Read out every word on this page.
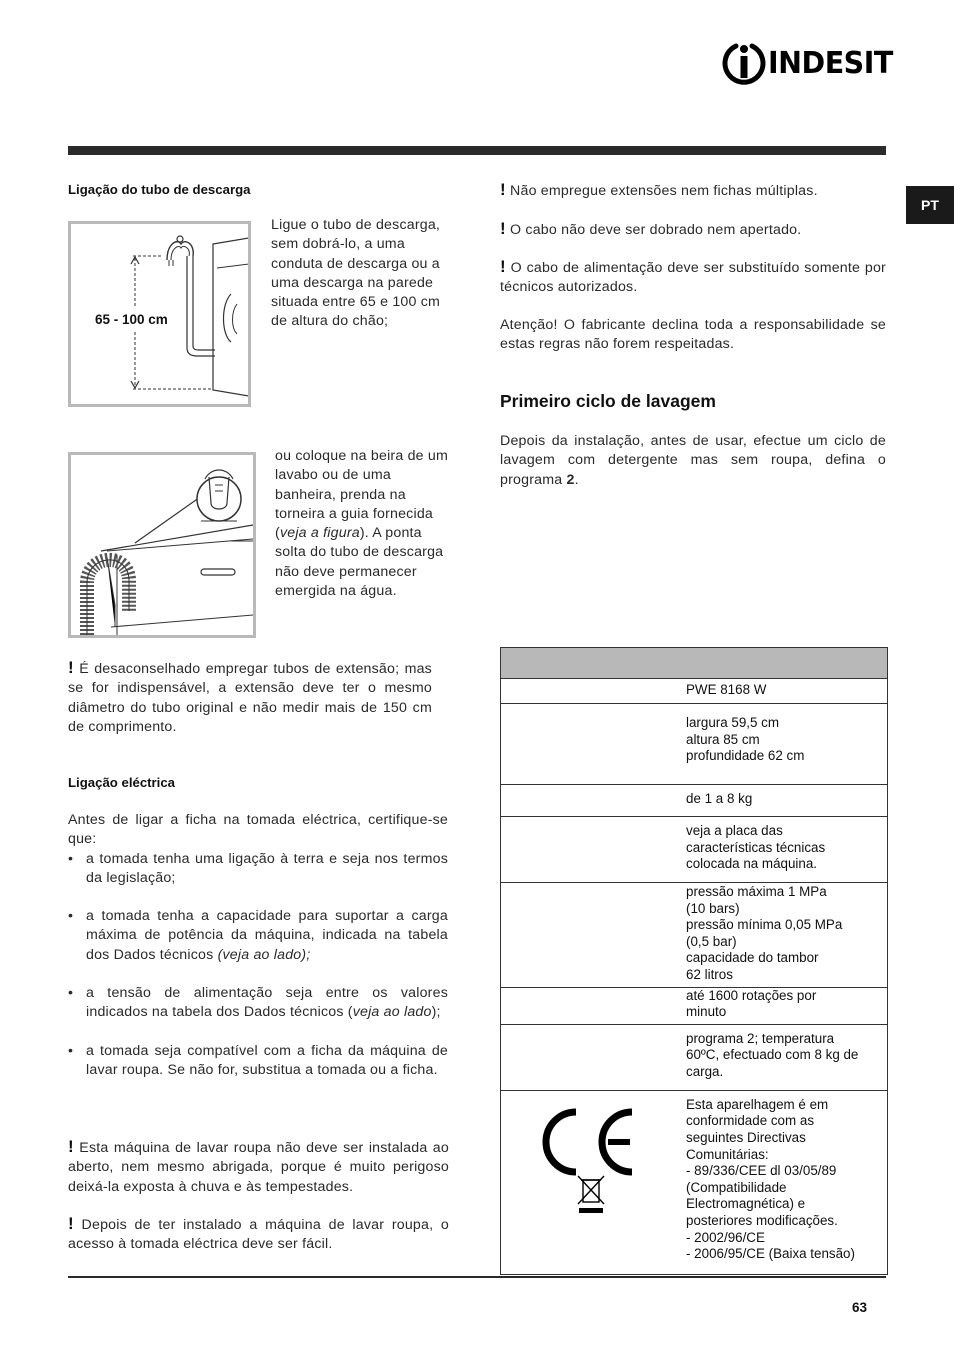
INDESIT
PT
Ligação do tubo de descarga
65 - 100 cm
Ligue o tubo de descarga, sem dobrá-lo, a uma conduta de descarga ou a uma descarga na parede situada entre 65 e 100 cm de altura do chão;
ou coloque na beira de um lavabo ou de uma banheira, prenda na torneira a guia fornecida (veja a figura). A ponta solta do tubo de descarga não deve permanecer emergida na água.
! É desaconselhado empregar tubos de extensão; mas se for indispensável, a extensão deve ter o mesmo diâmetro do tubo original e não medir mais de 150 cm de comprimento.
Ligação eléctrica
Antes de ligar a ficha na tomada eléctrica, certifique-se que:
• a tomada tenha uma ligação à terra e seja nos termos da legislação;
• a tomada tenha a capacidade para suportar a carga máxima de potência da máquina, indicada na tabela dos Dados técnicos (veja ao lado);
• a tensão de alimentação seja entre os valores indicados na tabela dos Dados técnicos (veja ao lado);
• a tomada seja compatível com a ficha da máquina de lavar roupa. Se não for, substitua a tomada ou a ficha.
! Esta máquina de lavar roupa não deve ser instalada ao aberto, nem mesmo abrigada, porque é muito perigoso deixá-la exposta à chuva e às tempestades.
! Depois de ter instalado a máquina de lavar roupa, o acesso à tomada eléctrica deve ser fácil.
! Não empregue extensões nem fichas múltiplas.
! O cabo não deve ser dobrado nem apertado.
! O cabo de alimentação deve ser substituído somente por técnicos autorizados.
Atenção! O fabricante declina toda a responsabilidade se estas regras não forem respeitadas.
Primeiro ciclo de lavagem
Depois da instalação, antes de usar, efectue um ciclo de lavagem com detergente mas sem roupa, defina o programa 2.

PWE 8168 W

largura 59,5 cm
altura 85 cm
profundidade 62 cm

de 1 a 8 kg

veja a placa das
características técnicas
colocada na máquina.

pressão máxima 1 MPa
(10 bars)
pressão mínima 0,05 MPa
(0,5 bar)
capacidade do tambor
62 litros

até 1600 rotações por
minuto

programa 2; temperatura
60ºC, efectuado com 8 kg de
carga.

Esta aparelhagem é em
conformidade com as
seguintes Directivas
Comunitárias:
- 89/336/CEE dl 03/05/89
(Compatibilidade
Electromagnética) e
posteriores modificações.
- 2002/96/CE
- 2006/95/CE (Baixa tensão)
63
